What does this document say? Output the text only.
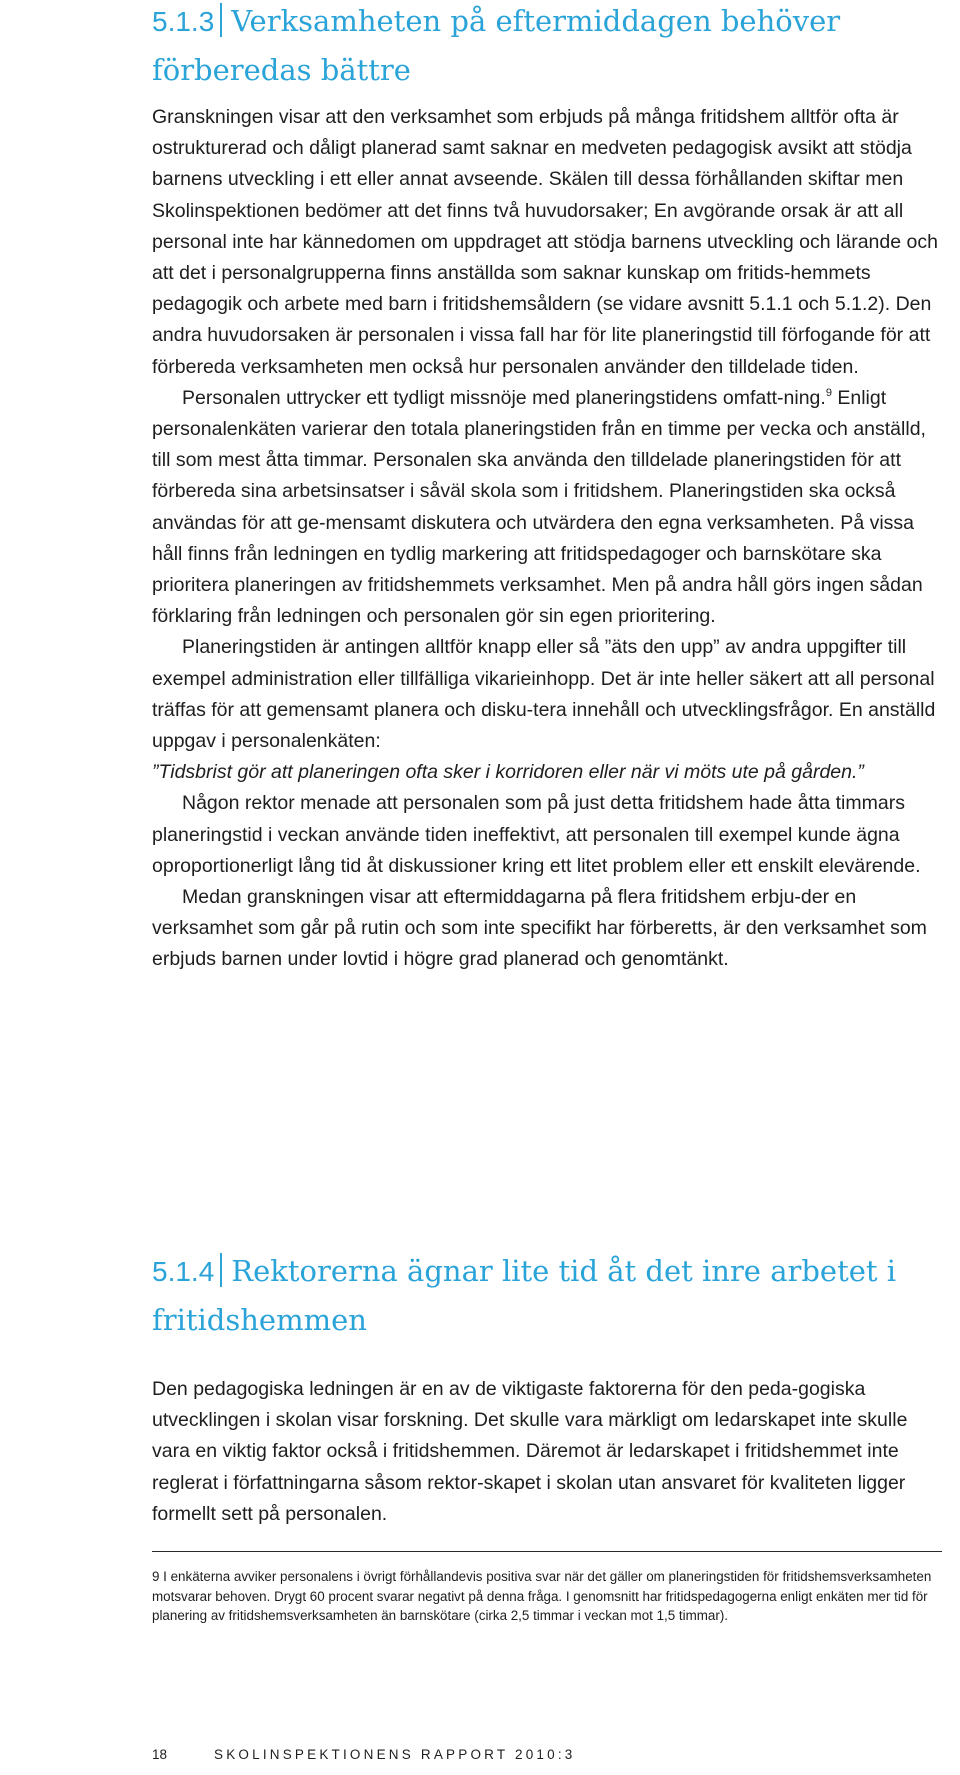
5.1.3 Verksamheten på eftermiddagen behöver förberedas bättre

Granskningen visar att den verksamhet som erbjuds på många fritidshem alltför ofta är ostrukturerad och dåligt planerad samt saknar en medveten pedagogisk avsikt att stödja barnens utveckling i ett eller annat avseende. Skälen till dessa förhållanden skiftar men Skolinspektionen bedömer att det finns två huvudorsaker; En avgörande orsak är att all personal inte har kännedomen om uppdraget att stödja barnens utveckling och lärande och att det i personalgrupperna finns anställda som saknar kunskap om fritids-hemmets pedagogik och arbete med barn i fritidshemsåldern (se vidare avsnitt 5.1.1 och 5.1.2). Den andra huvudorsaken är personalen i vissa fall har för lite planeringstid till förfogande för att förbereda verksamheten men också hur personalen använder den tilldelade tiden.

Personalen uttrycker ett tydligt missnöje med planeringstidens omfatt-ning.$^9$ Enligt personalenkäten varierar den totala planeringstiden från en timme per vecka och anställd, till som mest åtta timmar. Personalen ska använda den tilldelade planeringstiden för att förbereda sina arbetsinsatser i såväl skola som i fritidshem. Planeringstiden ska också användas för att ge-mensamt diskutera och utvärdera den egna verksamheten. På vissa håll finns från ledningen en tydlig markering att fritidspedagoger och barnskötare ska prioritera planeringen av fritidshemmets verksamhet. Men på andra håll görs ingen sådan förklaring från ledningen och personalen gör sin egen prioritering.

Planeringstiden är antingen alltför knapp eller så ”äts den upp” av andra uppgifter till exempel administration eller tillfälliga vikarieinhopp. Det är inte heller säkert att all personal träffas för att gemensamt planera och disku-tera innehåll och utvecklingsfrågor. En anställd uppgav i personalenkäten:
”Tidsbrist gör att planeringen ofta sker i korridoren eller när vi möts ute på gården.”

Någon rektor menade att personalen som på just detta fritidshem hade åtta timmars planeringstid i veckan använde tiden ineffektivt, att personalen till exempel kunde ägna oproportionerligt lång tid åt diskussioner kring ett litet problem eller ett enskilt elevärende.

Medan granskningen visar att eftermiddagarna på flera fritidshem erbju-der en verksamhet som går på rutin och som inte specifikt har förberetts, är den verksamhet som erbjuds barnen under lovtid i högre grad planerad och genomtänkt.

5.1.4 Rektorerna ägnar lite tid åt det inre arbetet i fritidshemmen

Den pedagogiska ledningen är en av de viktigaste faktorerna för den peda-gogiska utvecklingen i skolan visar forskning. Det skulle vara märkligt om ledarskapet inte skulle vara en viktig faktor också i fritidshemmen. Däremot är ledarskapet i fritidshemmet inte reglerat i författningarna såsom rektor-skapet i skolan utan ansvaret för kvaliteten ligger formellt sett på personalen.

9 I enkäterna avviker personalens i övrigt förhållandevis positiva svar när det gäller om planeringstiden för fritidshemsverksamheten motsvarar behoven. Drygt 60 procent svarar negativt på denna fråga. I genomsnitt har fritidspedagogerna enligt enkäten mer tid för planering av fritidshemsverksamheten än barnskötare (cirka 2,5 timmar i veckan mot 1,5 timmar).

18	SKOLINSPEKTIONENS RAPPORT 2010:3
